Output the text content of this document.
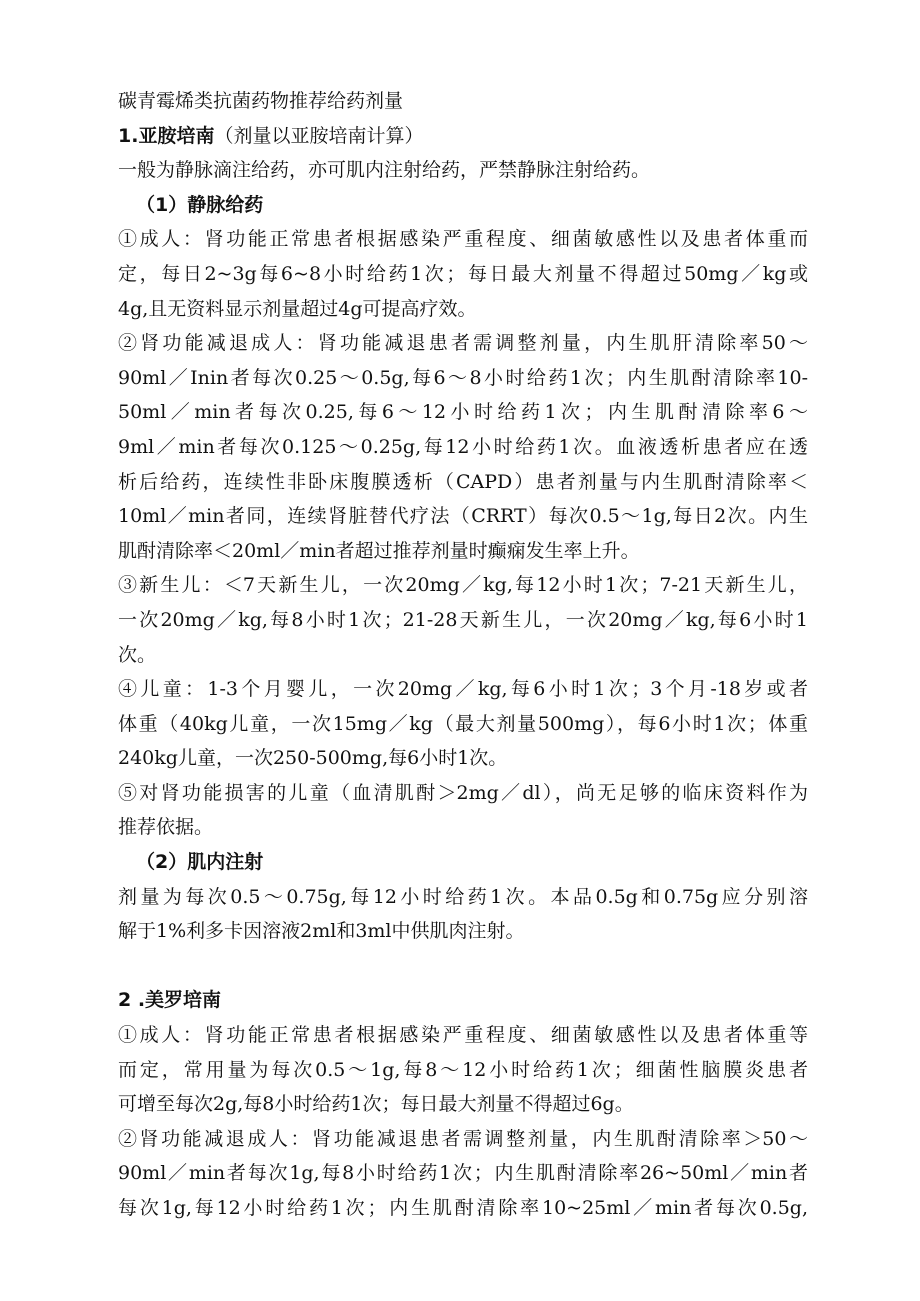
碳青霉烯类抗菌药物推荐给药剂量

1.亚胺培南（剂量以亚胺培南计算）

一般为静脉滴注给药，亦可肌内注射给药，严禁静脉注射给药。

（1）静脉给药

①成人：肾功能正常患者根据感染严重程度、细菌敏感性以及患者体重而

定，每日2~3g每6~8小时给药1次；每日最大剂量不得超过50mg／kg或

4g,且无资料显示剂量超过4g可提高疗效。

②肾功能减退成人：肾功能减退患者需调整剂量，内生肌肝清除率50～

90ml／Inin者每次0.25～0.5g,每6～8小时给药1次；内生肌酎清除率10-

50ml／min者每次0.25,每6～12小时给药1次；内生肌酎清除率6～

9ml／min者每次0.125～0.25g,每12小时给药1次。血液透析患者应在透

析后给药，连续性非卧床腹膜透析（CAPD）患者剂量与内生肌酎清除率＜

10ml／min者同，连续肾脏替代疗法（CRRT）每次0.5～1g,每日2次。内生

肌酎清除率＜20ml／min者超过推荐剂量时癫痫发生率上升。

③新生儿：＜7天新生儿，一次20mg／kg,每12小时1次；7-21天新生儿，

一次20mg／kg,每8小时1次；21-28天新生儿，一次20mg／kg,每6小时1

次。

④儿童：1-3个月婴儿，一次20mg／kg,每6小时1次；3个月-18岁或者

体重（40kg儿童，一次15mg／kg（最大剂量500mg），每6小时1次；体重

240kg儿童，一次250-500mg,每6小时1次。

⑤对肾功能损害的儿童（血清肌酎＞2mg／dl），尚无足够的临床资料作为

推荐依据。

（2）肌内注射

剂量为每次0.5～0.75g,每12小时给药1次。本品0.5g和0.75g应分别溶

解于1%利多卡因溶液2ml和3ml中供肌肉注射。

2 .美罗培南

①成人：肾功能正常患者根据感染严重程度、细菌敏感性以及患者体重等

而定，常用量为每次0.5～1g,每8～12小时给药1次；细菌性脑膜炎患者

可增至每次2g,每8小时给药1次；每日最大剂量不得超过6g。

②肾功能减退成人：肾功能减退患者需调整剂量，内生肌酎清除率＞50～

90ml／min者每次1g,每8小时给药1次；内生肌酎清除率26~50ml／min者

每次1g,每12小时给药1次；内生肌酎清除率10~25ml／min者每次0.5g,
